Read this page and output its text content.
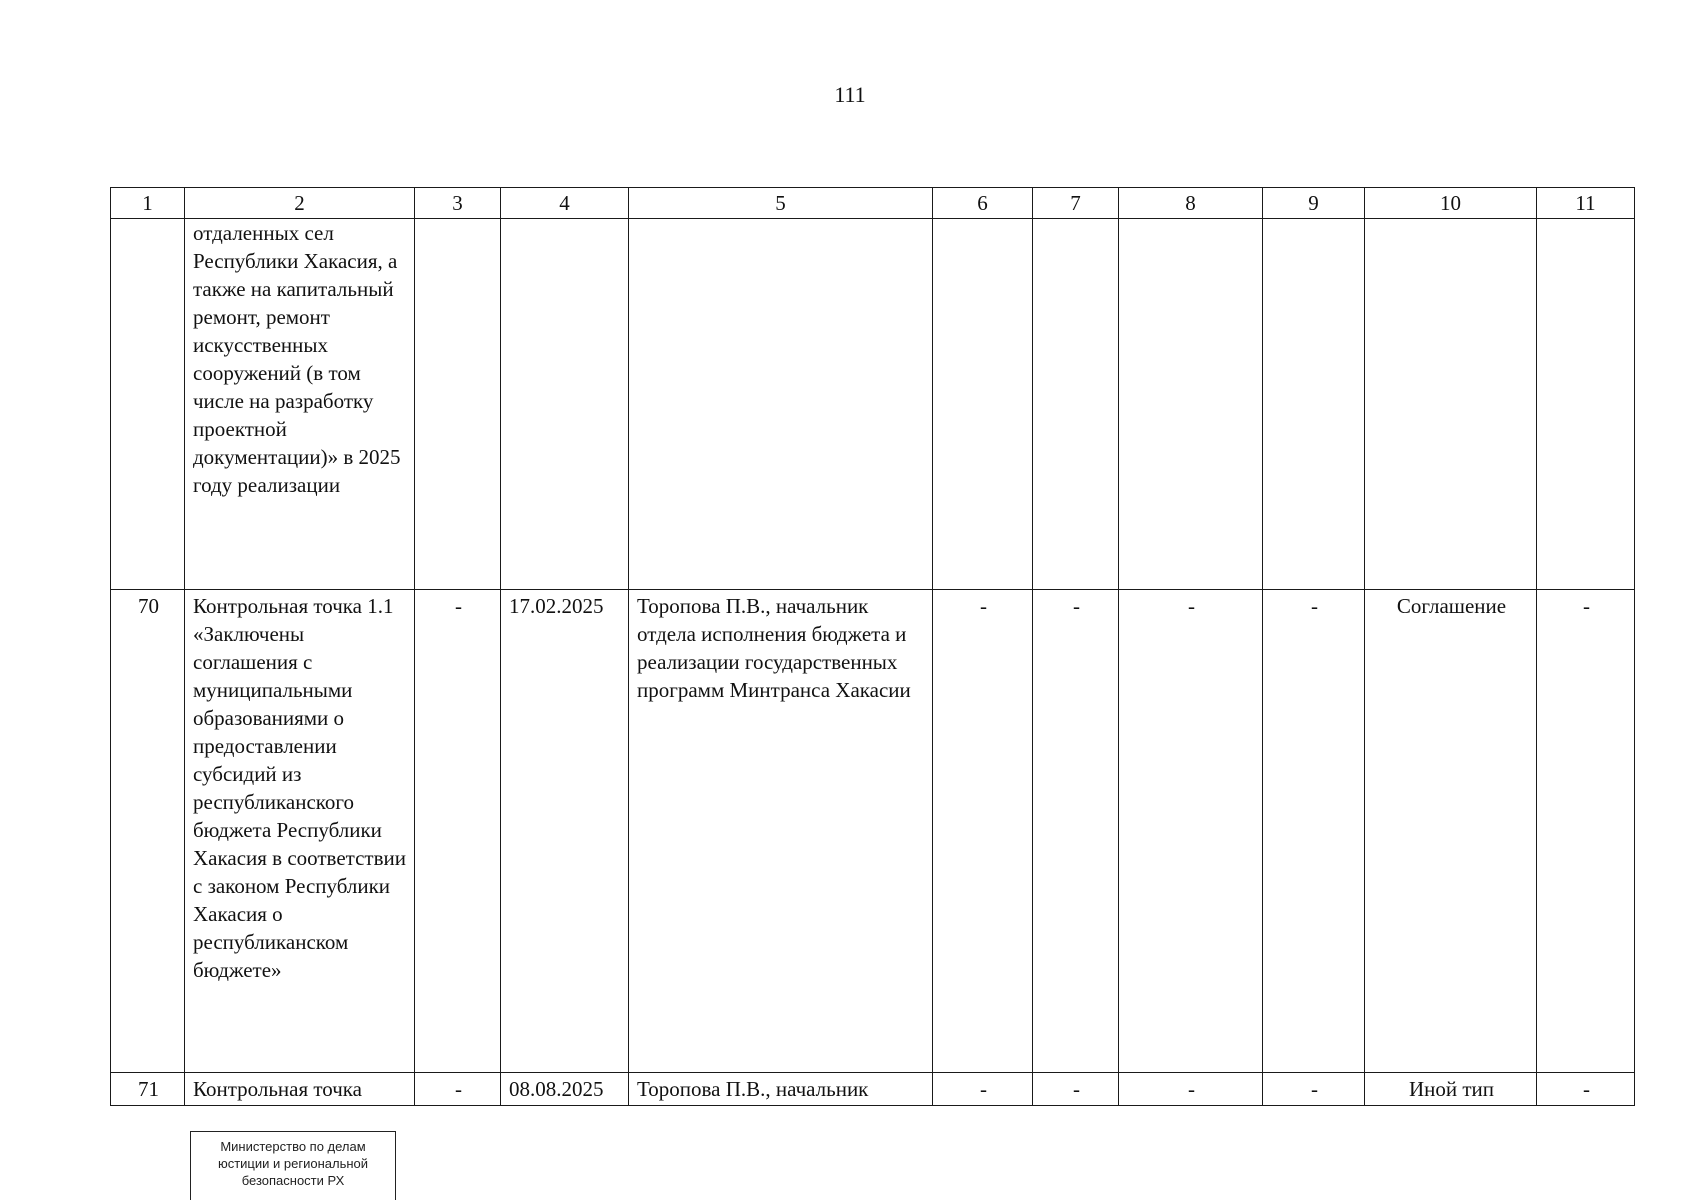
111
1	2	3	4	5	6	7	8	9	10	11
	отдаленных сел Республики Хакасия, а также на капитальный ремонт, ремонт искусственных сооружений (в том числе на разработку проектной документации)» в 2025 году реализации									
70	Контрольная точка 1.1 «Заключены соглашения с муниципальными образованиями о предоставлении субсидий из республиканского бюджета Республики Хакасия в соответствии с законом Республики Хакасия о республиканском бюджете»	-	17.02.2025	Торопова П.В., начальник отдела исполнения бюджета и реализации государственных программ Минтранса Хакасии	-	-	-	-	Соглашение	-
71	Контрольная точка	-	08.08.2025	Торопова П.В., начальник	-	-	-	-	Иной тип	-
Министерство по делам
юстиции и региональной
безопасности РХ
